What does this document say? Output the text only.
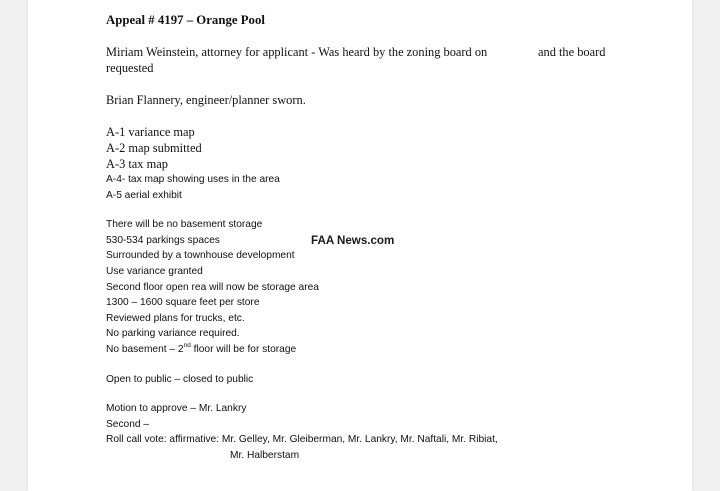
Appeal # 4197 – Orange Pool

Miriam Weinstein, attorney for applicant - Was heard by the zoning board on	and the board

requested

Brian Flannery, engineer/planner sworn.

A-1 variance map

A-2 map submitted

A-3 tax map

A-4- tax map showing uses in the area

A-5 aerial exhibit

There will be no basement storage

530-534 parkings spaces	FAA News.com

Surrounded by a townhouse development

Use variance granted

Second floor open rea will now be storage area

1300 – 1600 square feet per store

Reviewed plans for trucks, etc.

No parking variance required.

No basement – 2nd floor will be for storage

Open to public – closed to public

Motion to approve – Mr. Lankry

Second –

Roll call vote: affirmative: Mr. Gelley, Mr. Gleiberman, Mr. Lankry, Mr. Naftali, Mr. Ribiat,

Mr. Halberstam
